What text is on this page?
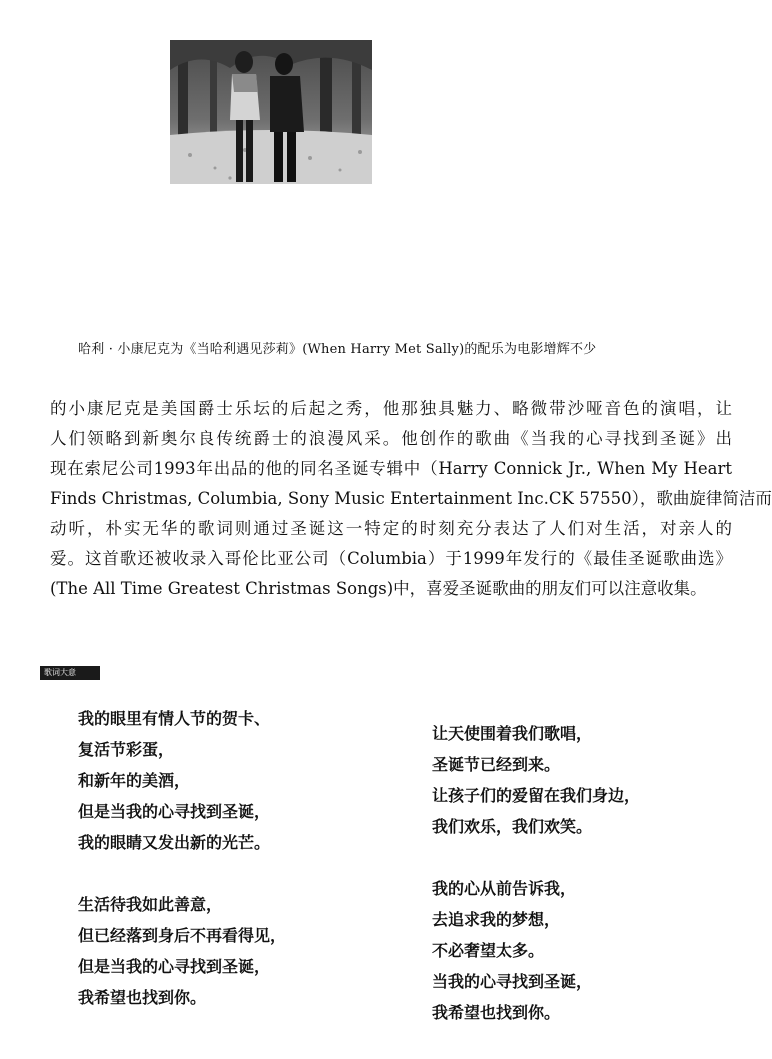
哈利 · 小康尼克为《当哈利遇见莎莉》(When Harry Met Sally)的配乐为电影增辉不少
的小康尼克是美国爵士乐坛的后起之秀，他那独具魅力、略微带沙哑音色的演唱，让
人们领略到新奥尔良传统爵士的浪漫风采。他创作的歌曲《当我的心寻找到圣诞》出
现在索尼公司1993年出品的他的同名圣诞专辑中（Harry Connick Jr., When My Heart
Finds Christmas, Columbia, Sony Music Entertainment Inc.CK 57550），歌曲旋律简洁而
动听，朴实无华的歌词则通过圣诞这一特定的时刻充分表达了人们对生活，对亲人的
爱。这首歌还被收录入哥伦比亚公司（Columbia）于1999年发行的《最佳圣诞歌曲选》
(The All Time Greatest Christmas Songs)中，喜爱圣诞歌曲的朋友们可以注意收集。
歌词大意
我的眼里有情人节的贺卡、
复活节彩蛋，
和新年的美酒，
但是当我的心寻找到圣诞，
我的眼睛又发出新的光芒。
生活待我如此善意，
但已经落到身后不再看得见，
但是当我的心寻找到圣诞，
我希望也找到你。
让天使围着我们歌唱，
圣诞节已经到来。
让孩子们的爱留在我们身边，
我们欢乐，我们欢笑。
我的心从前告诉我，
去追求我的梦想，
不必奢望太多。
当我的心寻找到圣诞，
我希望也找到你。
